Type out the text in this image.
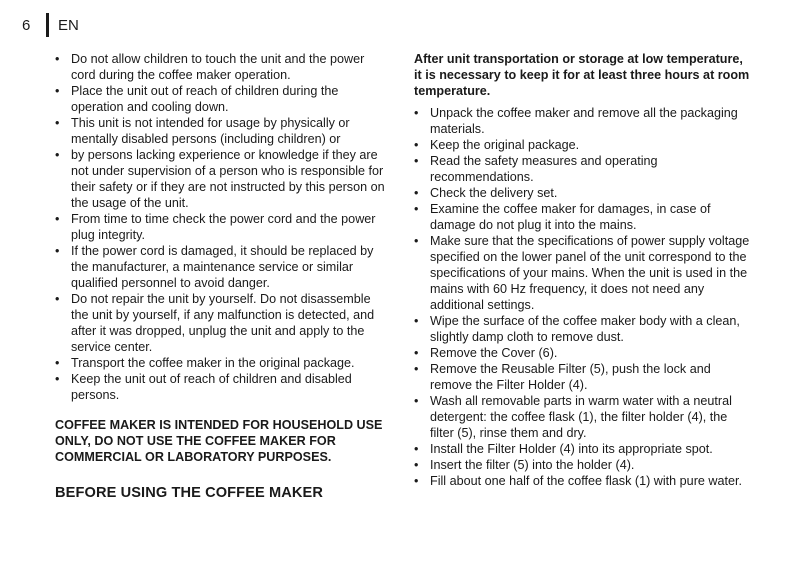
6	EN
• Do not allow children to touch the unit and the power cord during the coffee maker operation.
• Place the unit out of reach of children during the operation and cooling down.
• This unit is not intended for usage by physically or mentally disabled persons (including children) or
• by persons lacking experience or knowledge if they are not under supervision of a person who is responsible for their safety or if they are not instructed by this person on the usage of the unit.
• From time to time check the power cord and the power plug integrity.
• If the power cord is damaged, it should be replaced by the manufacturer, a maintenance service or similar qualified personnel to avoid danger.
• Do not repair the unit by yourself. Do not disassemble the unit by yourself, if any malfunction is detected, and after it was dropped, unplug the unit and apply to the service center.
• Transport the coffee maker in the original package.
• Keep the unit out of reach of children and disabled persons.
COFFEE MAKER IS INTENDED FOR HOUSEHOLD USE ONLY, DO NOT USE THE COFFEE MAKER FOR COMMERCIAL OR LABORATORY PURPOSES.
BEFORE USING THE COFFEE MAKER
After unit transportation or storage at low temperature, it is necessary to keep it for at least three hours at room temperature.
• Unpack the coffee maker and remove all the packaging materials.
• Keep the original package.
• Read the safety measures and operating recommendations.
• Check the delivery set.
• Examine the coffee maker for damages, in case of damage do not plug it into the mains.
• Make sure that the specifications of power supply voltage specified on the lower panel of the unit correspond to the specifications of your mains. When the unit is used in the mains with 60 Hz frequency, it does not need any additional settings.
• Wipe the surface of the coffee maker body with a clean, slightly damp cloth to remove dust.
• Remove the Cover (6).
• Remove the Reusable Filter (5), push the lock and remove the Filter Holder (4).
• Wash all removable parts in warm water with a neutral detergent: the coffee flask (1), the filter holder (4), the filter (5), rinse them and dry.
• Install the Filter Holder (4) into its appropriate spot.
• Insert the filter (5) into the holder (4).
• Fill about one half of the coffee flask (1) with pure water.
